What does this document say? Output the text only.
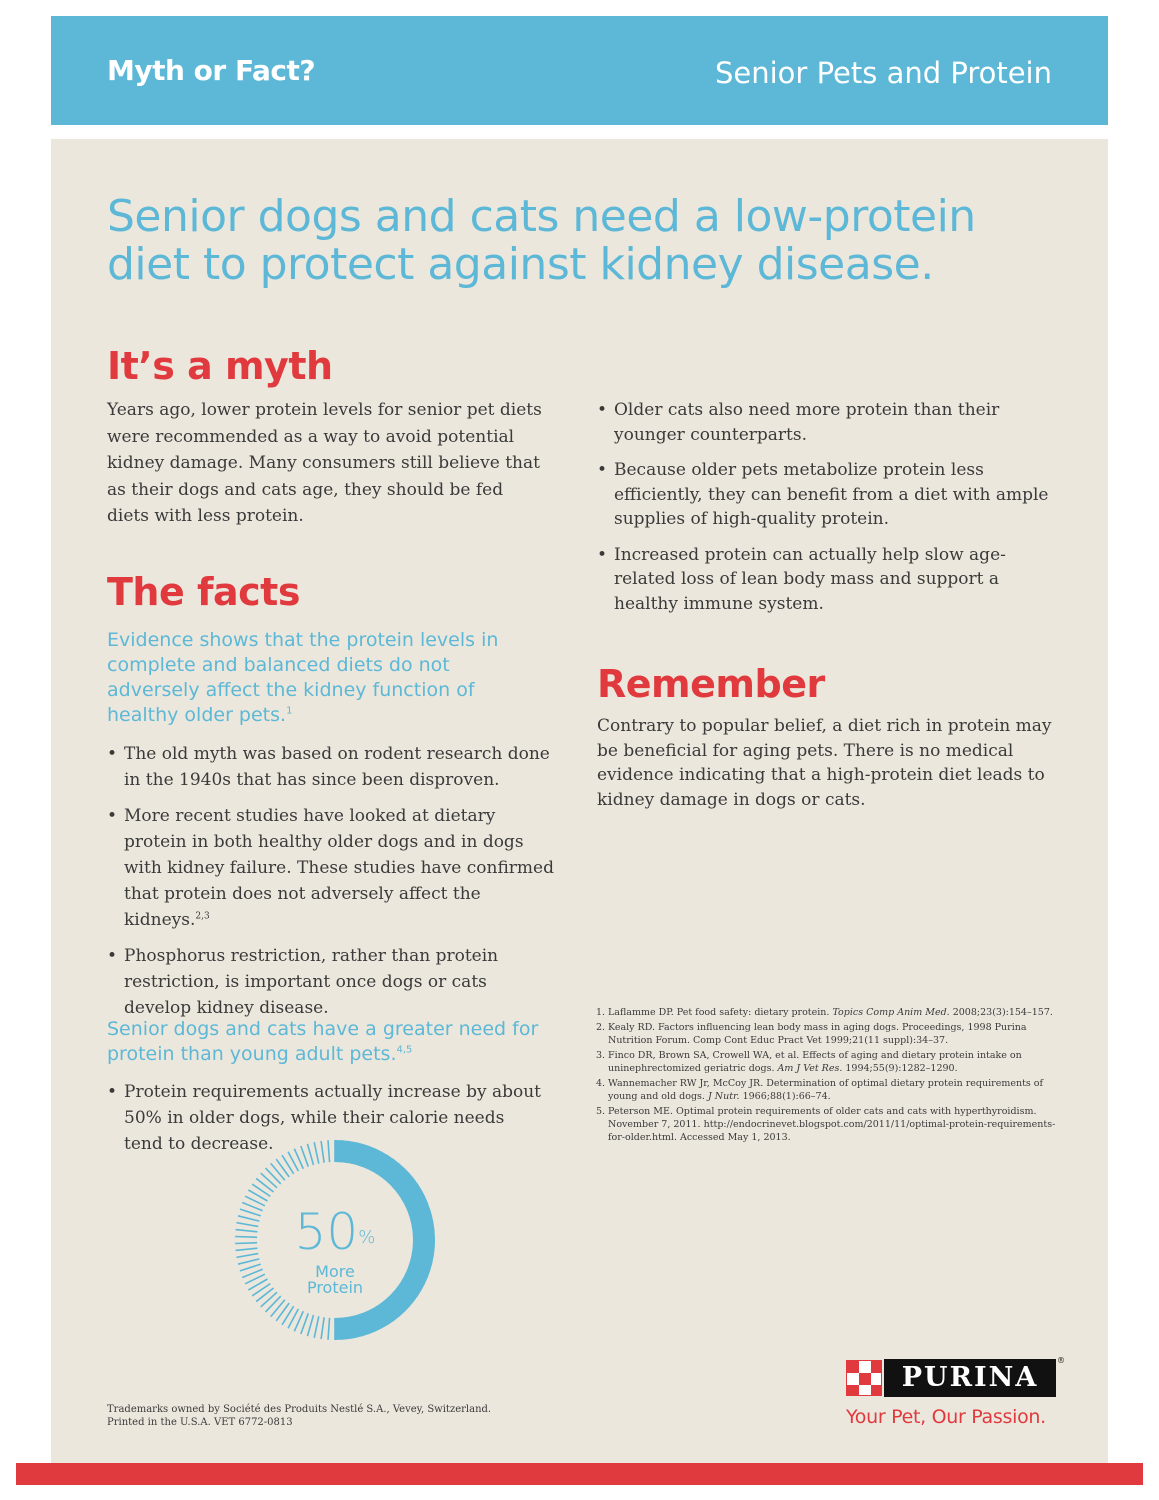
Myth or Fact?	Senior Pets and Protein
Senior dogs and cats need a low-protein diet to protect against kidney disease.
It’s a myth
Years ago, lower protein levels for senior pet diets were recommended as a way to avoid potential kidney damage. Many consumers still believe that as their dogs and cats age, they should be fed diets with less protein.
The facts
Evidence shows that the protein levels in complete and balanced diets do not adversely affect the kidney function of healthy older pets.$^1$
• The old myth was based on rodent research done in the 1940s that has since been disproven.
• More recent studies have looked at dietary protein in both healthy older dogs and in dogs with kidney failure. These studies have confirmed that protein does not adversely affect the kidneys.$^{2,3}$
• Phosphorus restriction, rather than protein restriction, is important once dogs or cats develop kidney disease.
Senior dogs and cats have a greater need for protein than young adult pets.$^{4,5}$
• Protein requirements actually increase by about 50% in older dogs, while their calorie needs tend to decrease.
• Older cats also need more protein than their younger counterparts.
• Because older pets metabolize protein less efficiently, they can benefit from a diet with ample supplies of high-quality protein.
• Increased protein can actually help slow age-related loss of lean body mass and support a healthy immune system.
Remember
Contrary to popular belief, a diet rich in protein may be beneficial for aging pets. There is no medical evidence indicating that a high-protein diet leads to kidney damage in dogs or cats.
1. Laflamme DP. Pet food safety: dietary protein. Topics Comp Anim Med. 2008;23(3):154–157.
2. Kealy RD. Factors influencing lean body mass in aging dogs. Proceedings, 1998 Purina Nutrition Forum. Comp Cont Educ Pract Vet 1999;21(11 suppl):34–37.
3. Finco DR, Brown SA, Crowell WA, et al. Effects of aging and dietary protein intake on uninephrectomized geriatric dogs. Am J Vet Res. 1994;55(9):1282–1290.
4. Wannemacher RW Jr, McCoy JR. Determination of optimal dietary protein requirements of young and old dogs. J Nutr. 1966;88(1):66–74.
5. Peterson ME. Optimal protein requirements of older cats and cats with hyperthyroidism. November 7, 2011. http://endocrinevet.blogspot.com/2011/11/optimal-protein-requirements-for-older.html. Accessed May 1, 2013.
50%
More
Protein
Trademarks owned by Société des Produits Nestlé S.A., Vevey, Switzerland.
Printed in the U.S.A. VET 6772-0813
PURINA
®
Your Pet, Our Passion.
